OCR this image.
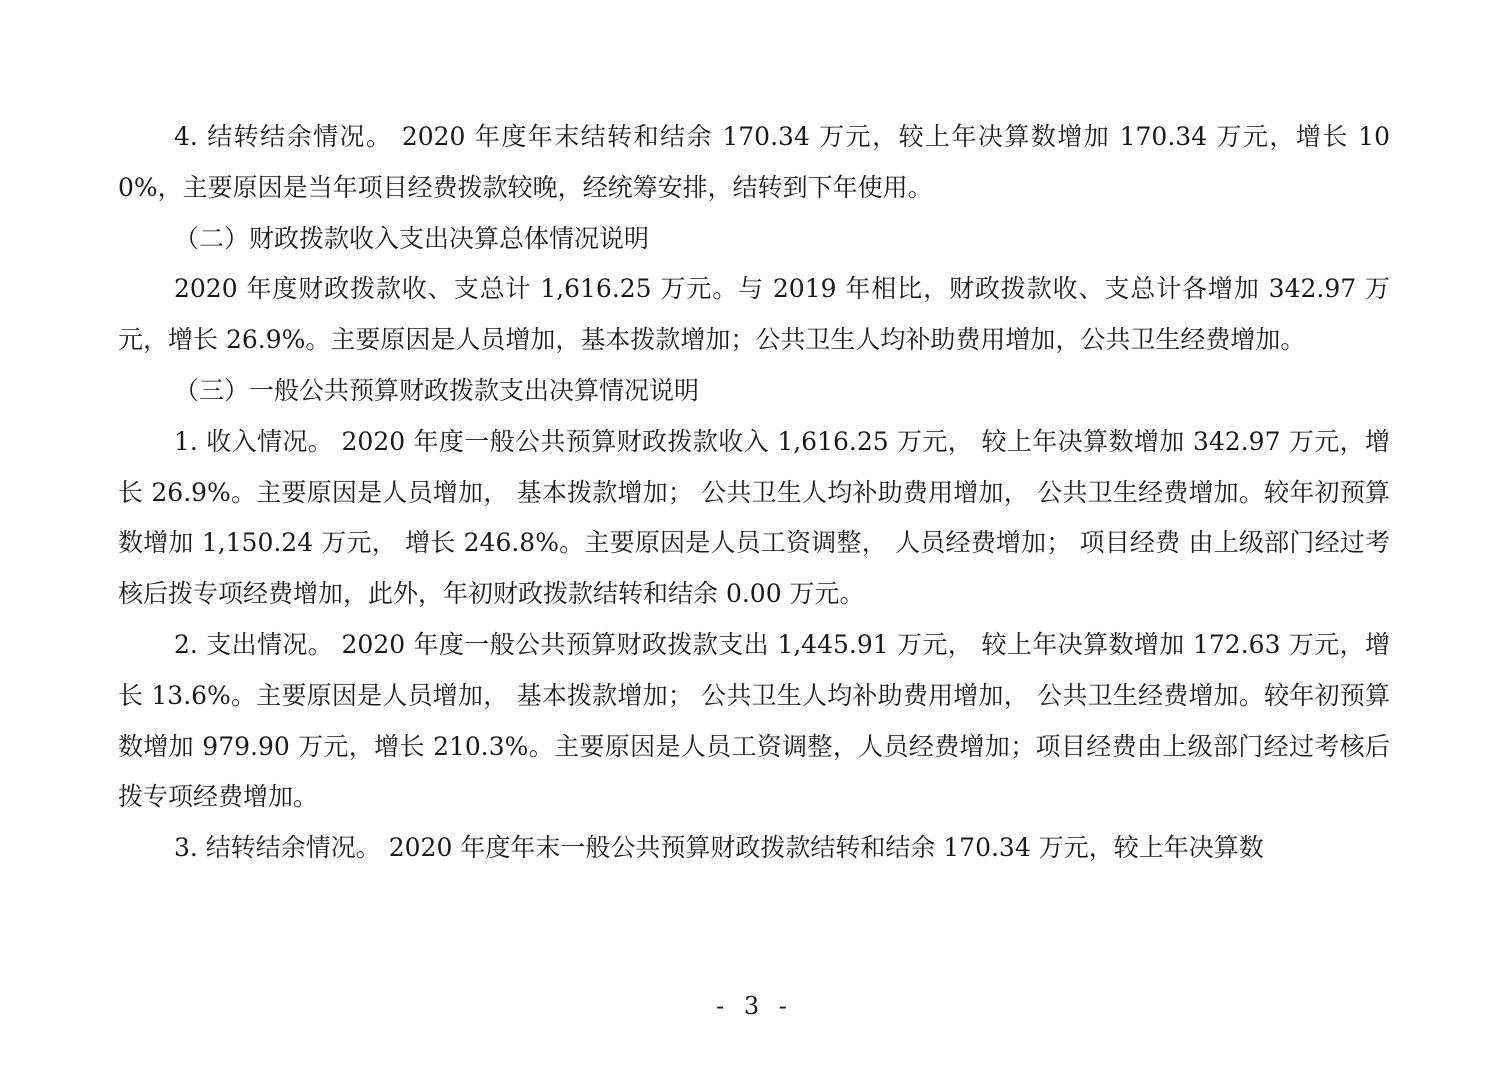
4. 结转结余情况。 2020 年度年末结转和结余 170.34 万元，较上年决算数增加 170.34 万元，增长 100%，主要原因是当年项目经费拨款较晚，经统筹安排，结转到下年使用。

（二）财政拨款收入支出决算总体情况说明

2020 年度财政拨款收、支总计 1,616.25 万元。与 2019 年相比，财政拨款收、支总计各增加 342.97 万元，增长 26.9%。主要原因是人员增加，基本拨款增加；公共卫生人均补助费用增加，公共卫生经费增加。

（三）一般公共预算财政拨款支出决算情况说明

1. 收入情况。 2020 年度一般公共预算财政拨款收入 1,616.25 万元， 较上年决算数增加 342.97 万元，增长 26.9%。主要原因是人员增加， 基本拨款增加； 公共卫生人均补助费用增加， 公共卫生经费增加。较年初预算数增加 1,150.24 万元， 增长 246.8%。主要原因是人员工资调整， 人员经费增加； 项目经费 由上级部门经过考核后拨专项经费增加，此外，年初财政拨款结转和结余 0.00 万元。

2. 支出情况。 2020 年度一般公共预算财政拨款支出 1,445.91 万元， 较上年决算数增加 172.63 万元，增长 13.6%。主要原因是人员增加， 基本拨款增加； 公共卫生人均补助费用增加， 公共卫生经费增加。较年初预算数增加 979.90 万元，增长 210.3%。主要原因是人员工资调整，人员经费增加；项目经费由上级部门经过考核后拨专项经费增加。

3. 结转结余情况。 2020 年度年末一般公共预算财政拨款结转和结余 170.34 万元，较上年决算数

- 3 -
